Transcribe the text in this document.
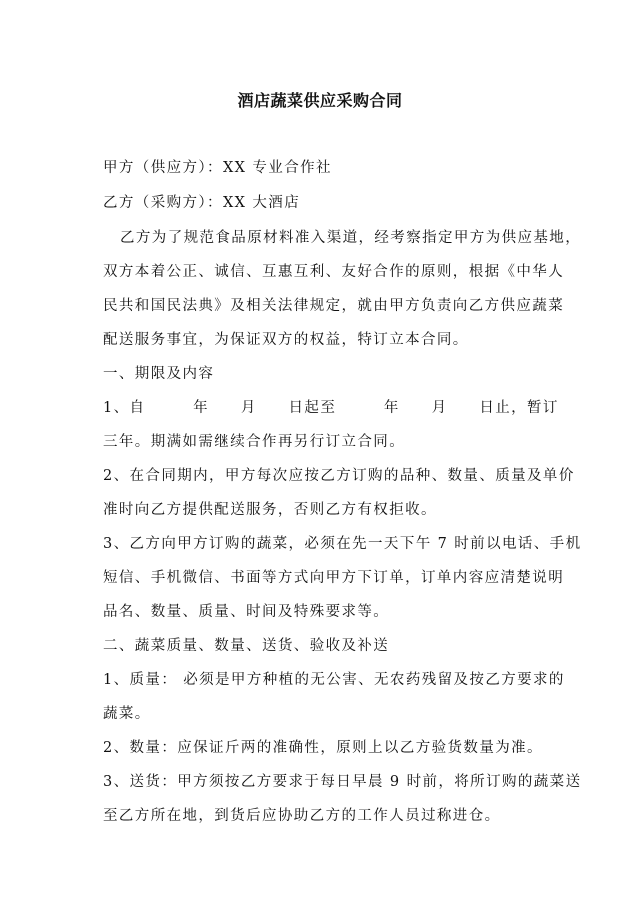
酒店蔬菜供应采购合同
甲方（供应方）：XX 专业合作社
乙方（采购方）：XX 大酒店
乙方为了规范食品原材料准入渠道，经考察指定甲方为供应基地，
双方本着公正、诚信、互惠互利、友好合作的原则，根据《中华人
民共和国民法典》及相关法律规定，就由甲方负责向乙方供应蔬菜
配送服务事宜，为保证双方的权益，特订立本合同。
一、期限及内容
1、自　　　年　　月　　日起至　　　年　　月　　日止，暂订
三年。期满如需继续合作再另行订立合同。
2、在合同期内，甲方每次应按乙方订购的品种、数量、质量及单价
准时向乙方提供配送服务，否则乙方有权拒收。
3、乙方向甲方订购的蔬菜，必须在先一天下午 7 时前以电话、手机
短信、手机微信、书面等方式向甲方下订单，订单内容应清楚说明
品名、数量、质量、时间及特殊要求等。
二、蔬菜质量、数量、送货、验收及补送
1、质量： 必须是甲方种植的无公害、无农药残留及按乙方要求的
蔬菜。
2、数量：应保证斤两的准确性，原则上以乙方验货数量为准。
3、送货：甲方须按乙方要求于每日早晨 9 时前，将所订购的蔬菜送
至乙方所在地，到货后应协助乙方的工作人员过称进仓。
